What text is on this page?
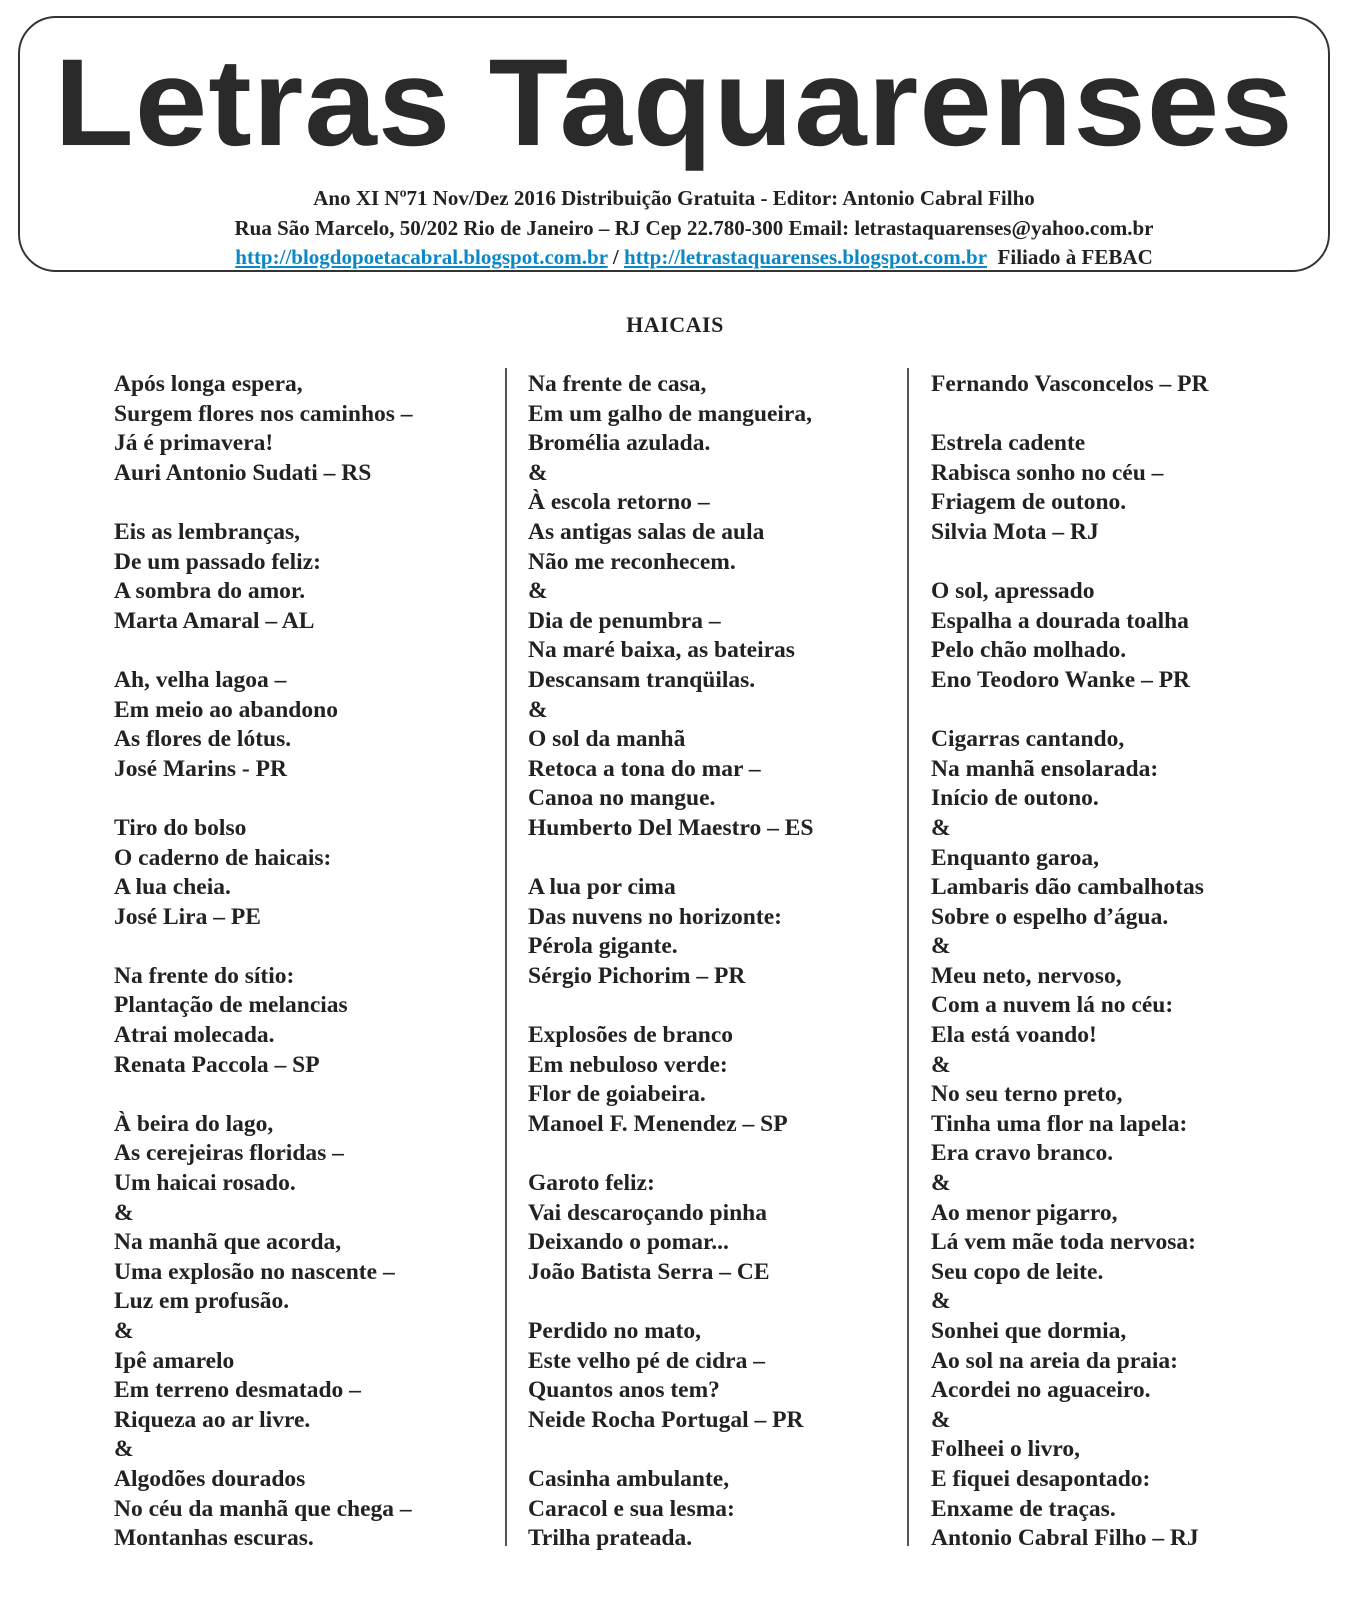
Letras Taquarenses
Ano XI Nº71 Nov/Dez 2016 Distribuição Gratuita - Editor: Antonio Cabral Filho
Rua São Marcelo, 50/202 Rio de Janeiro – RJ Cep 22.780-300 Email: letrastaquarenses@yahoo.com.br
http://blogdopoetacabral.blogspot.com.br / http://letrastaquarenses.blogspot.com.br Filiado à FEBAC
HAICAIS
Após longa espera,
Surgem flores nos caminhos –
Já é primavera!
Auri Antonio Sudati – RS
Eis as lembranças,
De um passado feliz:
A sombra do amor.
Marta Amaral – AL
Ah, velha lagoa –
Em meio ao abandono
As flores de lótus.
José Marins - PR
Tiro do bolso
O caderno de haicais:
A lua cheia.
José Lira – PE
Na frente do sítio:
Plantação de melancias
Atrai molecada.
Renata Paccola – SP
À beira do lago,
As cerejeiras floridas –
Um haicai rosado.
&
Na manhã que acorda,
Uma explosão no nascente –
Luz em profusão.
&
Ipê amarelo
Em terreno desmatado –
Riqueza ao ar livre.
&
Algodões dourados
No céu da manhã que chega –
Montanhas escuras.
Na frente de casa,
Em um galho de mangueira,
Bromélia azulada.
&
À escola retorno –
As antigas salas de aula
Não me reconhecem.
&
Dia de penumbra –
Na maré baixa, as bateiras
Descansam tranqüilas.
&
O sol da manhã
Retoca a tona do mar –
Canoa no mangue.
Humberto Del Maestro – ES
A lua por cima
Das nuvens no horizonte:
Pérola gigante.
Sérgio Pichorim – PR
Explosões de branco
Em nebuloso verde:
Flor de goiabeira.
Manoel F. Menendez – SP
Garoto feliz:
Vai descaroçando pinha
Deixando o pomar...
João Batista Serra – CE
Perdido no mato,
Este velho pé de cidra –
Quantos anos tem?
Neide Rocha Portugal – PR
Casinha ambulante,
Caracol e sua lesma:
Trilha prateada.
Fernando Vasconcelos – PR
Estrela cadente
Rabisca sonho no céu –
Friagem de outono.
Silvia Mota – RJ
O sol, apressado
Espalha a dourada toalha
Pelo chão molhado.
Eno Teodoro Wanke – PR
Cigarras cantando,
Na manhã ensolarada:
Início de outono.
&
Enquanto garoa,
Lambaris dão cambalhotas
Sobre o espelho d’água.
&
Meu neto, nervoso,
Com a nuvem lá no céu:
Ela está voando!
&
No seu terno preto,
Tinha uma flor na lapela:
Era cravo branco.
&
Ao menor pigarro,
Lá vem mãe toda nervosa:
Seu copo de leite.
&
Sonhei que dormia,
Ao sol na areia da praia:
Acordei no aguaceiro.
&
Folheei o livro,
E fiquei desapontado:
Enxame de traças.
Antonio Cabral Filho – RJ
